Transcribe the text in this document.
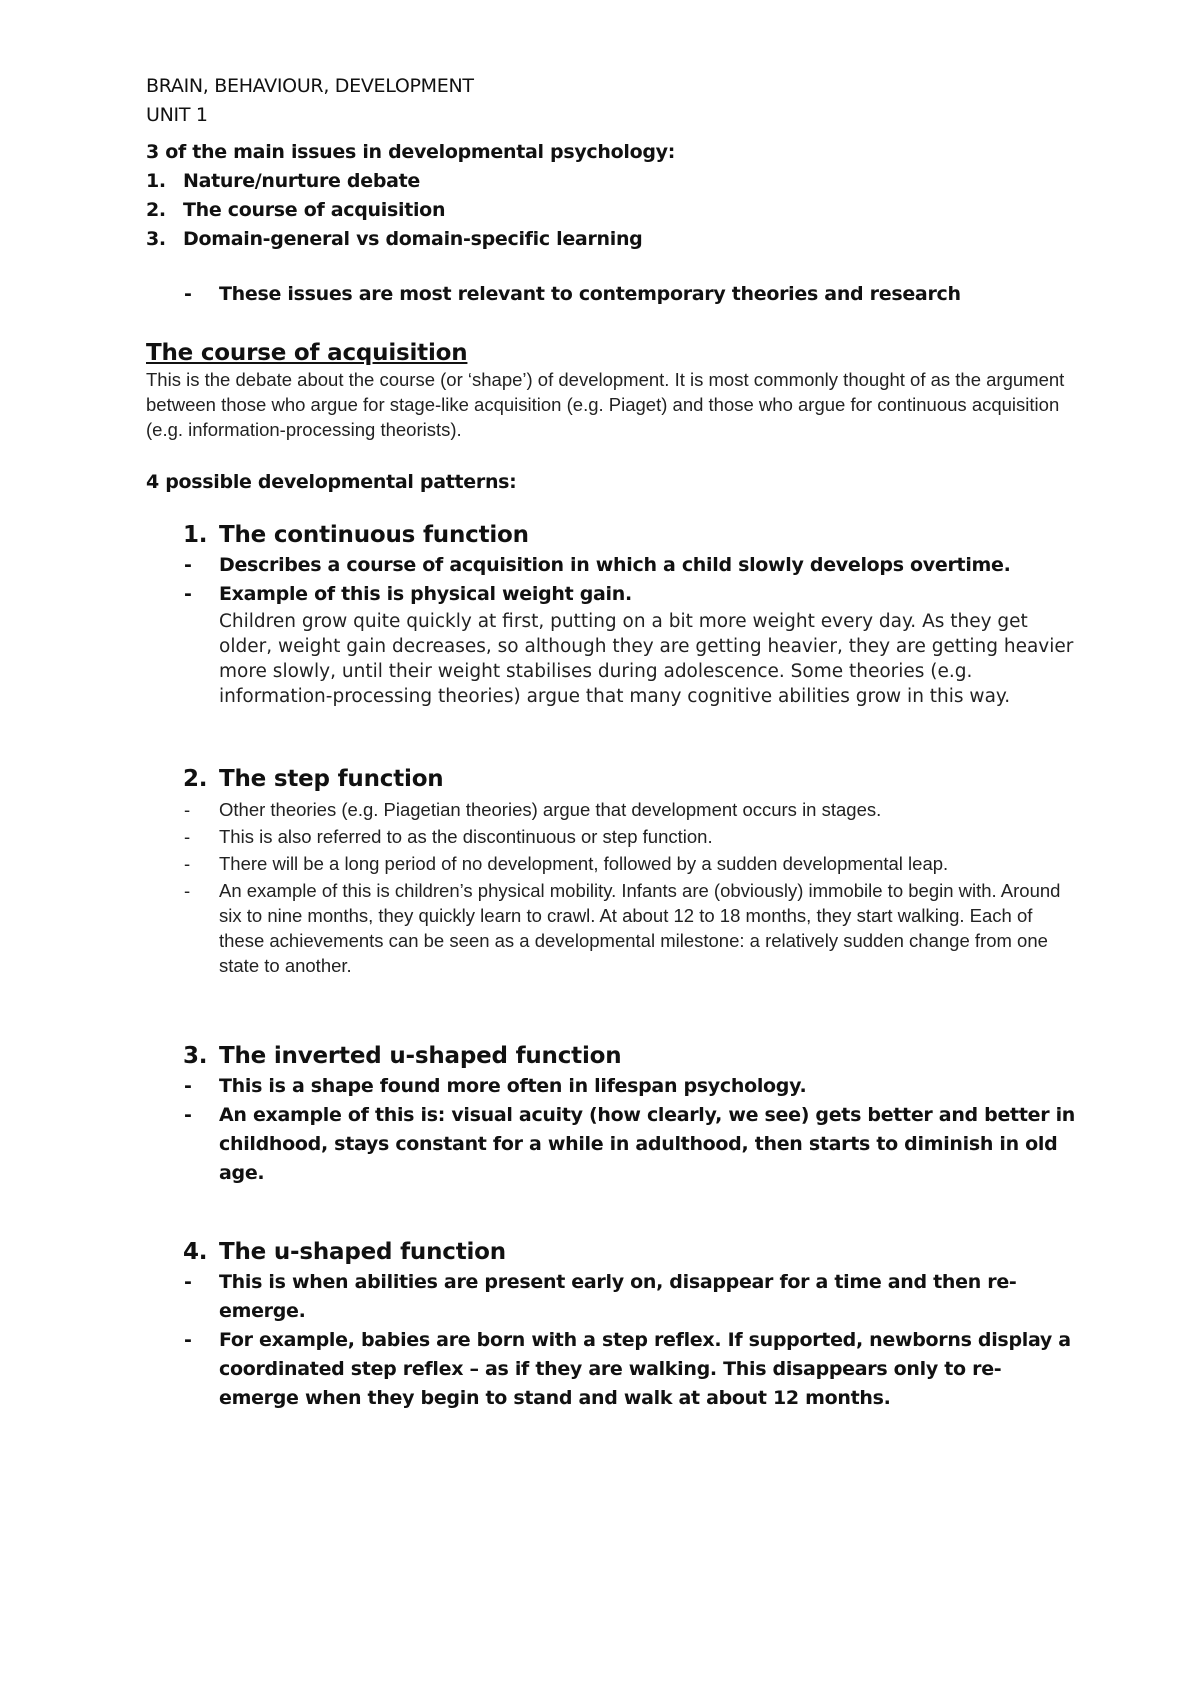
BRAIN, BEHAVIOUR, DEVELOPMENT
UNIT 1
3 of the main issues in developmental psychology:
1. Nature/nurture debate
2. The course of acquisition
3. Domain-general vs domain-specific learning
- These issues are most relevant to contemporary theories and research
The course of acquisition
This is the debate about the course (or ‘shape’) of development. It is most commonly thought of as the argument between those who argue for stage-like acquisition (e.g. Piaget) and those who argue for continuous acquisition (e.g. information-processing theorists).
4 possible developmental patterns:
1. The continuous function
- Describes a course of acquisition in which a child slowly develops overtime.
- Example of this is physical weight gain.
Children grow quite quickly at first, putting on a bit more weight every day. As they get older, weight gain decreases, so although they are getting heavier, they are getting heavier more slowly, until their weight stabilises during adolescence. Some theories (e.g. information-processing theories) argue that many cognitive abilities grow in this way.
2. The step function
- Other theories (e.g. Piagetian theories) argue that development occurs in stages.
- This is also referred to as the discontinuous or step function.
- There will be a long period of no development, followed by a sudden developmental leap.
- An example of this is children’s physical mobility. Infants are (obviously) immobile to begin with. Around six to nine months, they quickly learn to crawl. At about 12 to 18 months, they start walking. Each of these achievements can be seen as a developmental milestone: a relatively sudden change from one state to another.
3. The inverted u-shaped function
- This is a shape found more often in lifespan psychology.
- An example of this is: visual acuity (how clearly, we see) gets better and better in childhood, stays constant for a while in adulthood, then starts to diminish in old age.
4. The u-shaped function
- This is when abilities are present early on, disappear for a time and then re-emerge.
- For example, babies are born with a step reflex. If supported, newborns display a coordinated step reflex – as if they are walking. This disappears only to re-emerge when they begin to stand and walk at about 12 months.
